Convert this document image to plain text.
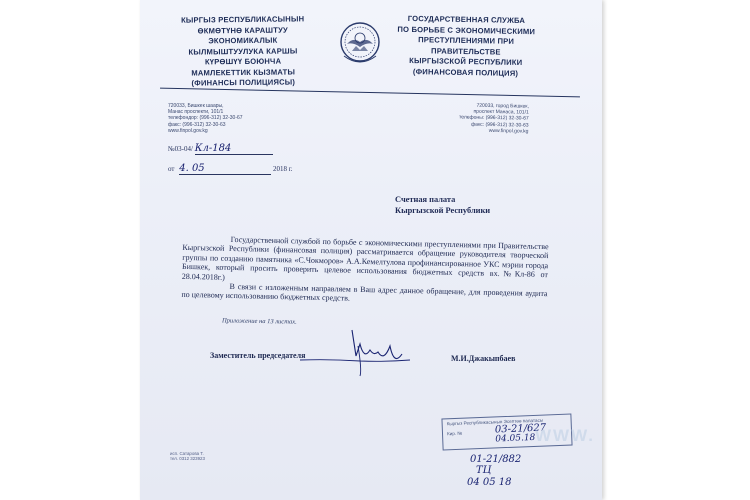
КЫРГЫЗ РЕСПУБЛИКАСЫНЫН
ӨКМӨТҮНӨ КАРАШТУУ
ЭКОНОМИКАЛЫК
КЫЛМЫШТУУЛУКА КАРШЫ
КҮРӨШҮҮ БОЮНЧА
МАМЛЕКЕТТИК КЫЗМАТЫ
(ФИНАНСЫ ПОЛИЦИЯСЫ)
ГОСУДАРСТВЕННАЯ СЛУЖБА
ПО БОРЬБЕ С ЭКОНОМИЧЕСКИМИ
ПРЕСТУПЛЕНИЯМИ ПРИ
ПРАВИТЕЛЬСТВЕ
КЫРГЫЗСКОЙ РЕСПУБЛИКИ
(ФИНАНСОВАЯ ПОЛИЦИЯ)
720033, Бишкек шаары,
Манас проспекти, 101/1
телефондор: (996-312) 32-30-67
факс: (996-312) 32-30-63
www.finpol.gov.kg
720033, город Бишкек,
проспект Манаса, 101/1
телефоны: (996-312) 32-30-67
факс: (996-312) 32-30-63
www.finpol.gov.kg
№03-04/ Кл-184
от 4. 05	2018 г.
Счетная палата
Кыргызской Республики

Государственной службой по борьбе с экономическими преступлениями при Правительстве Кыргызской Республики (финансовая полиция) рассматривается обращение руководителя творческой группы по созданию памятника «С.Чокморов» А.А.Кемелтулова профинансированное УКС мэрии города Бишкек, который просить проверить целевое использования бюджетных средств вх.№Кл-86 от 28.04.2018г.)

В связи с изложенным направляем в Ваш адрес данное обращение, для проведения аудита по целевому использованию бюджетных средств.

Приложение на 13 листах.
Заместитель председателя	М.И.Джакыпбаев
Кыргыз Республикасынын Эсептөө палатасы
Кир. №	03-21/627
04.05.18
исп. Сатарова Т.
тел. 0312 323923	01-21/882
ТЦ
04 05 18
WWW.
